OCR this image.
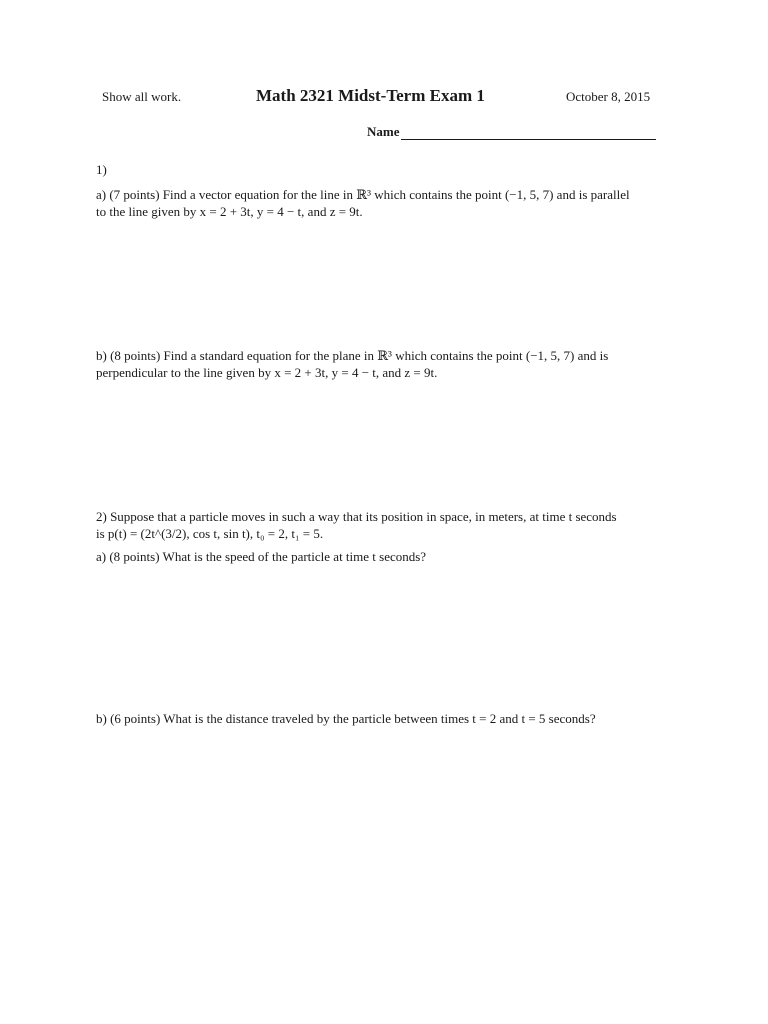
Show all work.	Math 2321 Midst-Term Exam 1	October 8, 2015
Name
1)
a) (7 points) Find a vector equation for the line in ℝ³ which contains the point (−1, 5, 7) and is parallel
to the line given by x = 2 + 3t, y = 4 − t, and z = 9t.
b) (8 points) Find a standard equation for the plane in ℝ³ which contains the point (−1, 5, 7) and is
perpendicular to the line given by x = 2 + 3t, y = 4 − t, and z = 9t.
2) Suppose that a particle moves in such a way that its position in space, in meters, at time t seconds
is p(t) = (2t^(3/2), cos t, sin t), t₀ = 2, t₁ = 5.
a) (8 points) What is the speed of the particle at time t seconds?
b) (6 points) What is the distance traveled by the particle between times t = 2 and t = 5 seconds?
